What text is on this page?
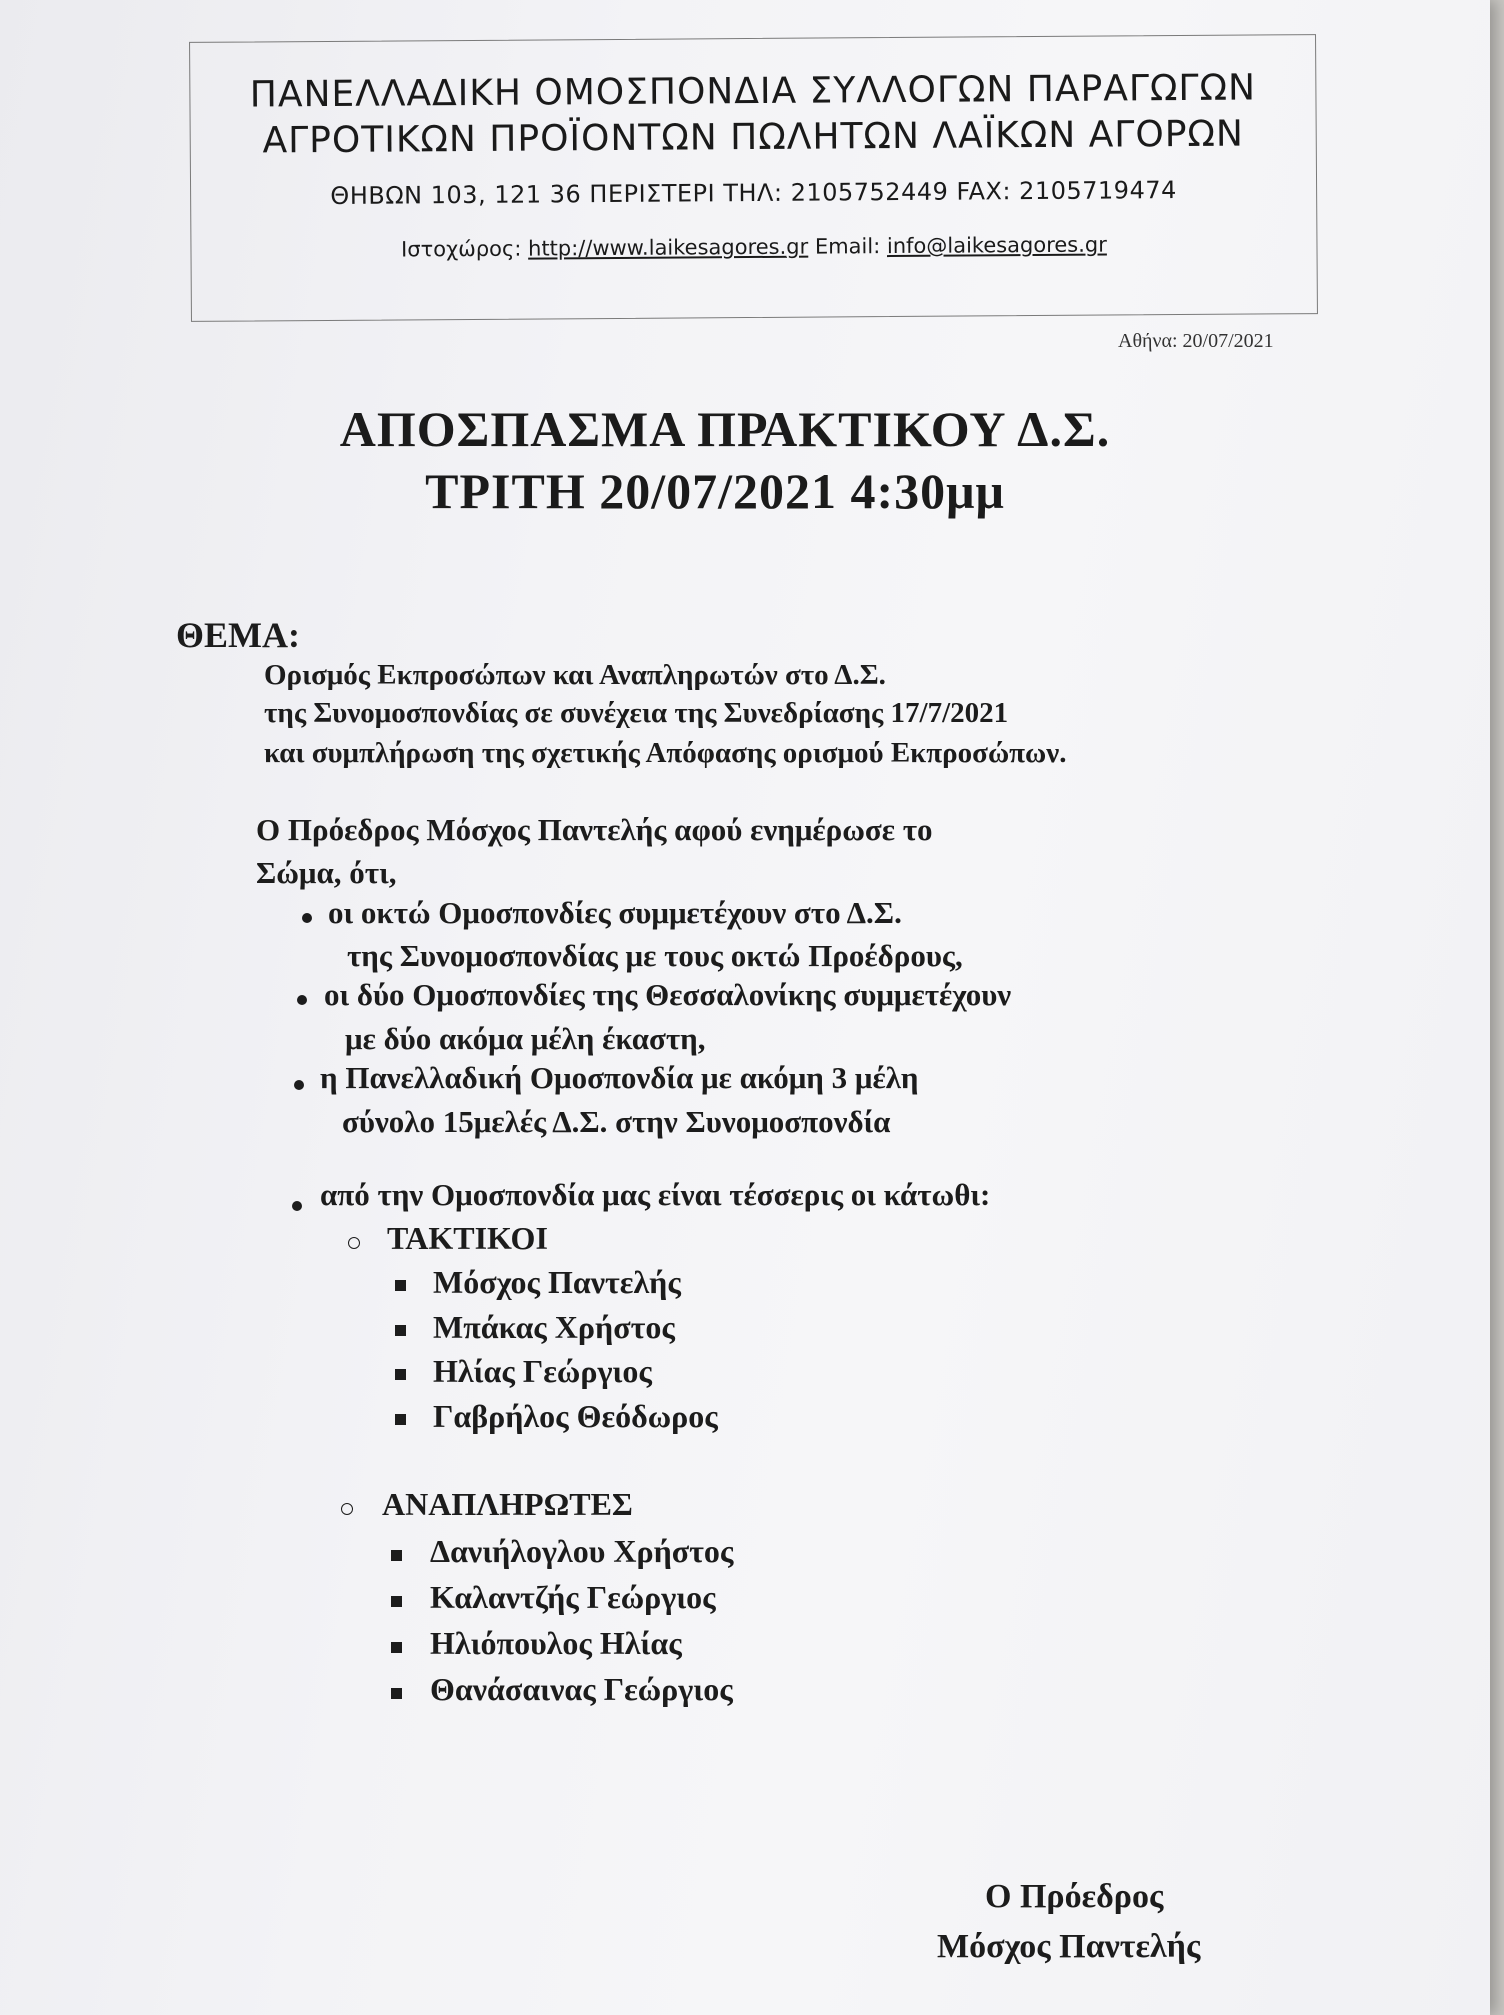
ΠΑΝΕΛΛΑΔΙΚΗ ΟΜΟΣΠΟΝΔΙΑ ΣΥΛΛΟΓΩΝ ΠΑΡΑΓΩΓΩΝ
ΑΓΡΟΤΙΚΩΝ ΠΡΟΪΟΝΤΩΝ ΠΩΛΗΤΩΝ ΛΑΪΚΩΝ ΑΓΟΡΩΝ
ΘΗΒΩΝ 103, 121 36 ΠΕΡΙΣΤΕΡΙ ΤΗΛ: 2105752449 FAX: 2105719474
Ιστοχώρος: http://www.laikesagores.gr Email: info@laikesagores.gr
Αθήνα: 20/07/2021
ΑΠΟΣΠΑΣΜΑ ΠΡΑΚΤΙΚΟΥ Δ.Σ.
ΤΡΙΤΗ 20/07/2021 4:30μμ
ΘΕΜΑ:
Ορισμός Εκπροσώπων και Αναπληρωτών στο Δ.Σ.
της Συνομοσπονδίας σε συνέχεια της Συνεδρίασης 17/7/2021
και συμπλήρωση της σχετικής Απόφασης ορισμού Εκπροσώπων.
Ο Πρόεδρος Μόσχος Παντελής αφού ενημέρωσε το
Σώμα, ότι,
οι οκτώ Ομοσπονδίες συμμετέχουν στο Δ.Σ.
της Συνομοσπονδίας με τους οκτώ Προέδρους,
οι δύο Ομοσπονδίες της Θεσσαλονίκης συμμετέχουν
με δύο ακόμα μέλη έκαστη,
η Πανελλαδική Ομοσπονδία με ακόμη 3 μέλη
σύνολο 15μελές Δ.Σ. στην Συνομοσπονδία
από την Ομοσπονδία μας είναι τέσσερις οι κάτωθι:
ΤΑΚΤΙΚΟΙ
Μόσχος Παντελής
Μπάκας Χρήστος
Ηλίας Γεώργιος
Γαβρήλος Θεόδωρος
ΑΝΑΠΛΗΡΩΤΕΣ
Δανιήλογλου Χρήστος
Καλαντζής Γεώργιος
Ηλιόπουλος Ηλίας
Θανάσαινας Γεώργιος
Ο Πρόεδρος
Μόσχος Παντελής
